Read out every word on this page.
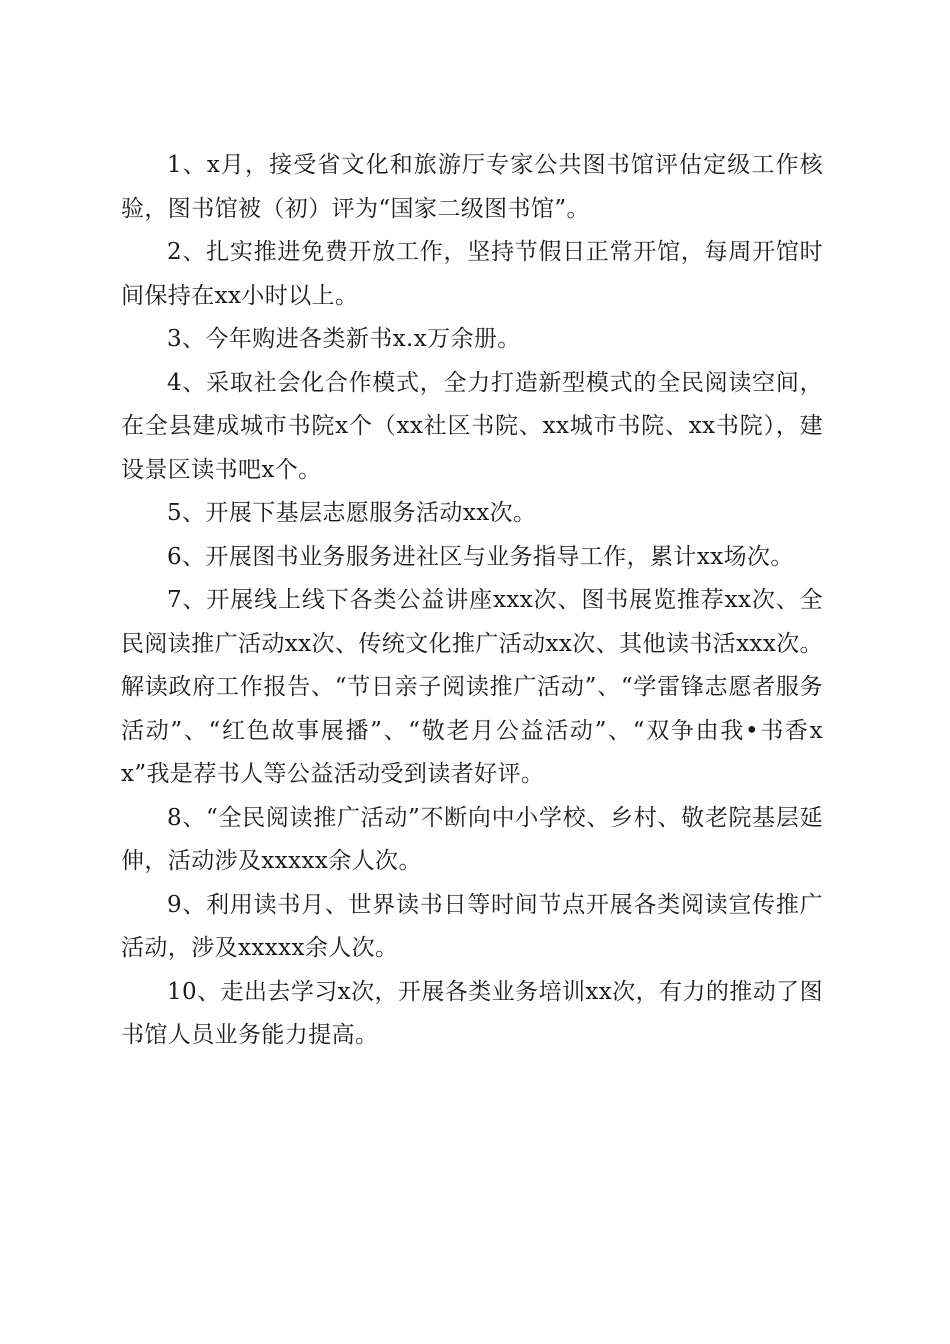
1、x月，接受省文化和旅游厅专家公共图书馆评估定级工作核验，图书馆被（初）评为“国家二级图书馆”。

2、扎实推进免费开放工作，坚持节假日正常开馆，每周开馆时间保持在xx小时以上。

3、今年购进各类新书x.x万余册。

4、采取社会化合作模式，全力打造新型模式的全民阅读空间，在全县建成城市书院x个（xx社区书院、xx城市书院、xx书院），建设景区读书吧x个。

5、开展下基层志愿服务活动xx次。

6、开展图书业务服务进社区与业务指导工作，累计xx场次。

7、开展线上线下各类公益讲座xxx次、图书展览推荐xx次、全民阅读推广活动xx次、传统文化推广活动xx次、其他读书活xxx次。解读政府工作报告、“节日亲子阅读推广活动”、“学雷锋志愿者服务活动”、“红色故事展播”、“敬老月公益活动”、“双争由我•书香xx”我是荐书人等公益活动受到读者好评。

8、“全民阅读推广活动”不断向中小学校、乡村、敬老院基层延伸，活动涉及xxxxx余人次。

9、利用读书月、世界读书日等时间节点开展各类阅读宣传推广活动，涉及xxxxx余人次。

10、走出去学习x次，开展各类业务培训xx次，有力的推动了图书馆人员业务能力提高。
